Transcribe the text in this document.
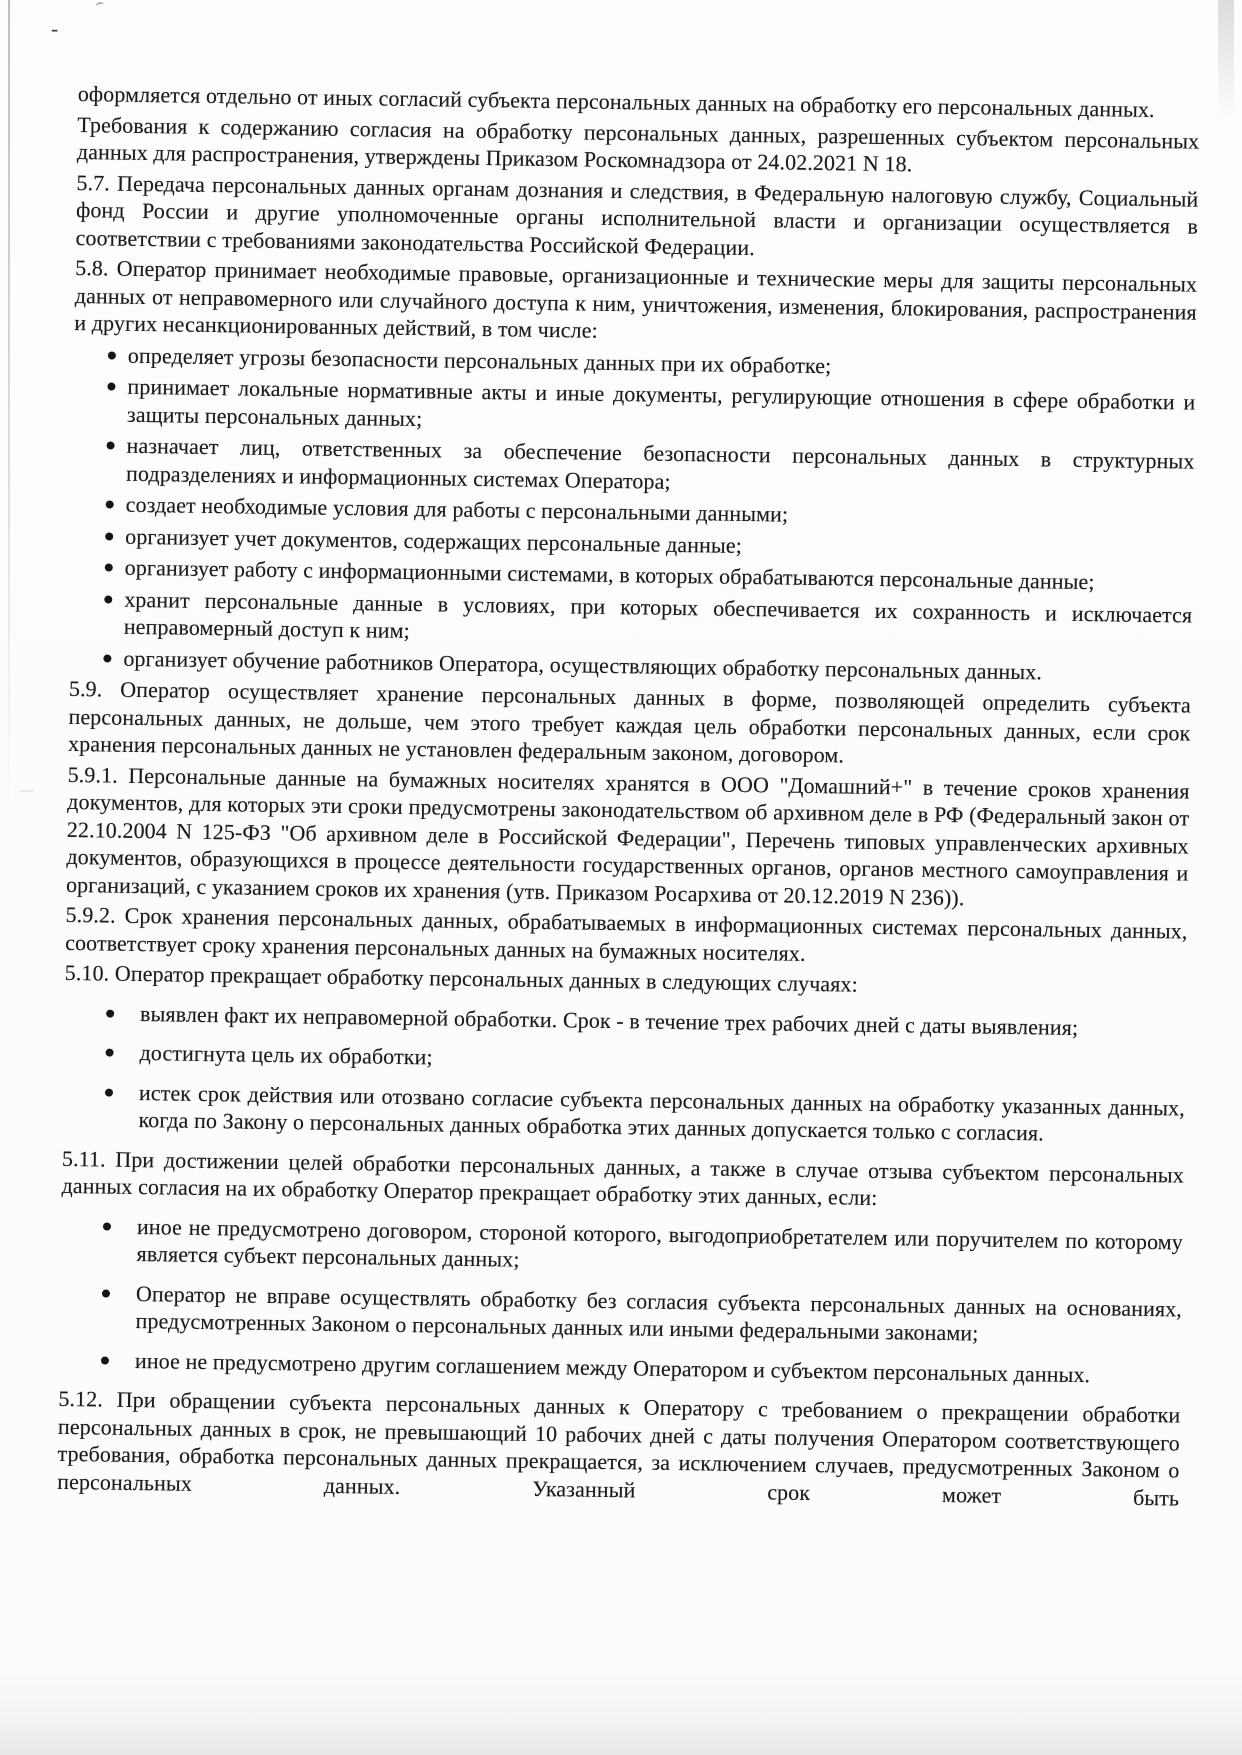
-

оформляется отдельно от иных согласий субъекта персональных данных на обработку его персональных данных.

Требования к содержанию согласия на обработку персональных данных, разрешенных субъектом персональных данных для распространения, утверждены Приказом Роскомнадзора от 24.02.2021 N 18.

5.7. Передача персональных данных органам дознания и следствия, в Федеральную налоговую службу, Социальный фонд России и другие уполномоченные органы исполнительной власти и организации осуществляется в соответствии с требованиями законодательства Российской Федерации.

5.8. Оператор принимает необходимые правовые, организационные и технические меры для защиты персональных данных от неправомерного или случайного доступа к ним, уничтожения, изменения, блокирования, распространения и других несанкционированных действий, в том числе:

определяет угрозы безопасности персональных данных при их обработке;
принимает локальные нормативные акты и иные документы, регулирующие отношения в сфере обработки и защиты персональных данных;
назначает лиц, ответственных за обеспечение безопасности персональных данных в структурных подразделениях и информационных системах Оператора;
создает необходимые условия для работы с персональными данными;
организует учет документов, содержащих персональные данные;
организует работу с информационными системами, в которых обрабатываются персональные данные;
хранит персональные данные в условиях, при которых обеспечивается их сохранность и исключается неправомерный доступ к ним;
организует обучение работников Оператора, осуществляющих обработку персональных данных.

5.9. Оператор осуществляет хранение персональных данных в форме, позволяющей определить субъекта персональных данных, не дольше, чем этого требует каждая цель обработки персональных данных, если срок хранения персональных данных не установлен федеральным законом, договором.

5.9.1. Персональные данные на бумажных носителях хранятся в ООО "Домашний+" в течение сроков хранения документов, для которых эти сроки предусмотрены законодательством об архивном деле в РФ (Федеральный закон от 22.10.2004 N 125-ФЗ "Об архивном деле в Российской Федерации", Перечень типовых управленческих архивных документов, образующихся в процессе деятельности государственных органов, органов местного самоуправления и организаций, с указанием сроков их хранения (утв. Приказом Росархива от 20.12.2019 N 236)).

5.9.2. Срок хранения персональных данных, обрабатываемых в информационных системах персональных данных, соответствует сроку хранения персональных данных на бумажных носителях.

5.10. Оператор прекращает обработку персональных данных в следующих случаях:

выявлен факт их неправомерной обработки. Срок - в течение трех рабочих дней с даты выявления;
достигнута цель их обработки;
истек срок действия или отозвано согласие субъекта персональных данных на обработку указанных данных, когда по Закону о персональных данных обработка этих данных допускается только с согласия.

5.11. При достижении целей обработки персональных данных, а также в случае отзыва субъектом персональных данных согласия на их обработку Оператор прекращает обработку этих данных, если:

иное не предусмотрено договором, стороной которого, выгодоприобретателем или поручителем по которому является субъект персональных данных;
Оператор не вправе осуществлять обработку без согласия субъекта персональных данных на основаниях, предусмотренных Законом о персональных данных или иными федеральными законами;
иное не предусмотрено другим соглашением между Оператором и субъектом персональных данных.

5.12. При обращении субъекта персональных данных к Оператору с требованием о прекращении обработки персональных данных в срок, не превышающий 10 рабочих дней с даты получения Оператором соответствующего требования, обработка персональных данных прекращается, за исключением случаев, предусмотренных Законом о персональных данных. Указанный срок может быть
